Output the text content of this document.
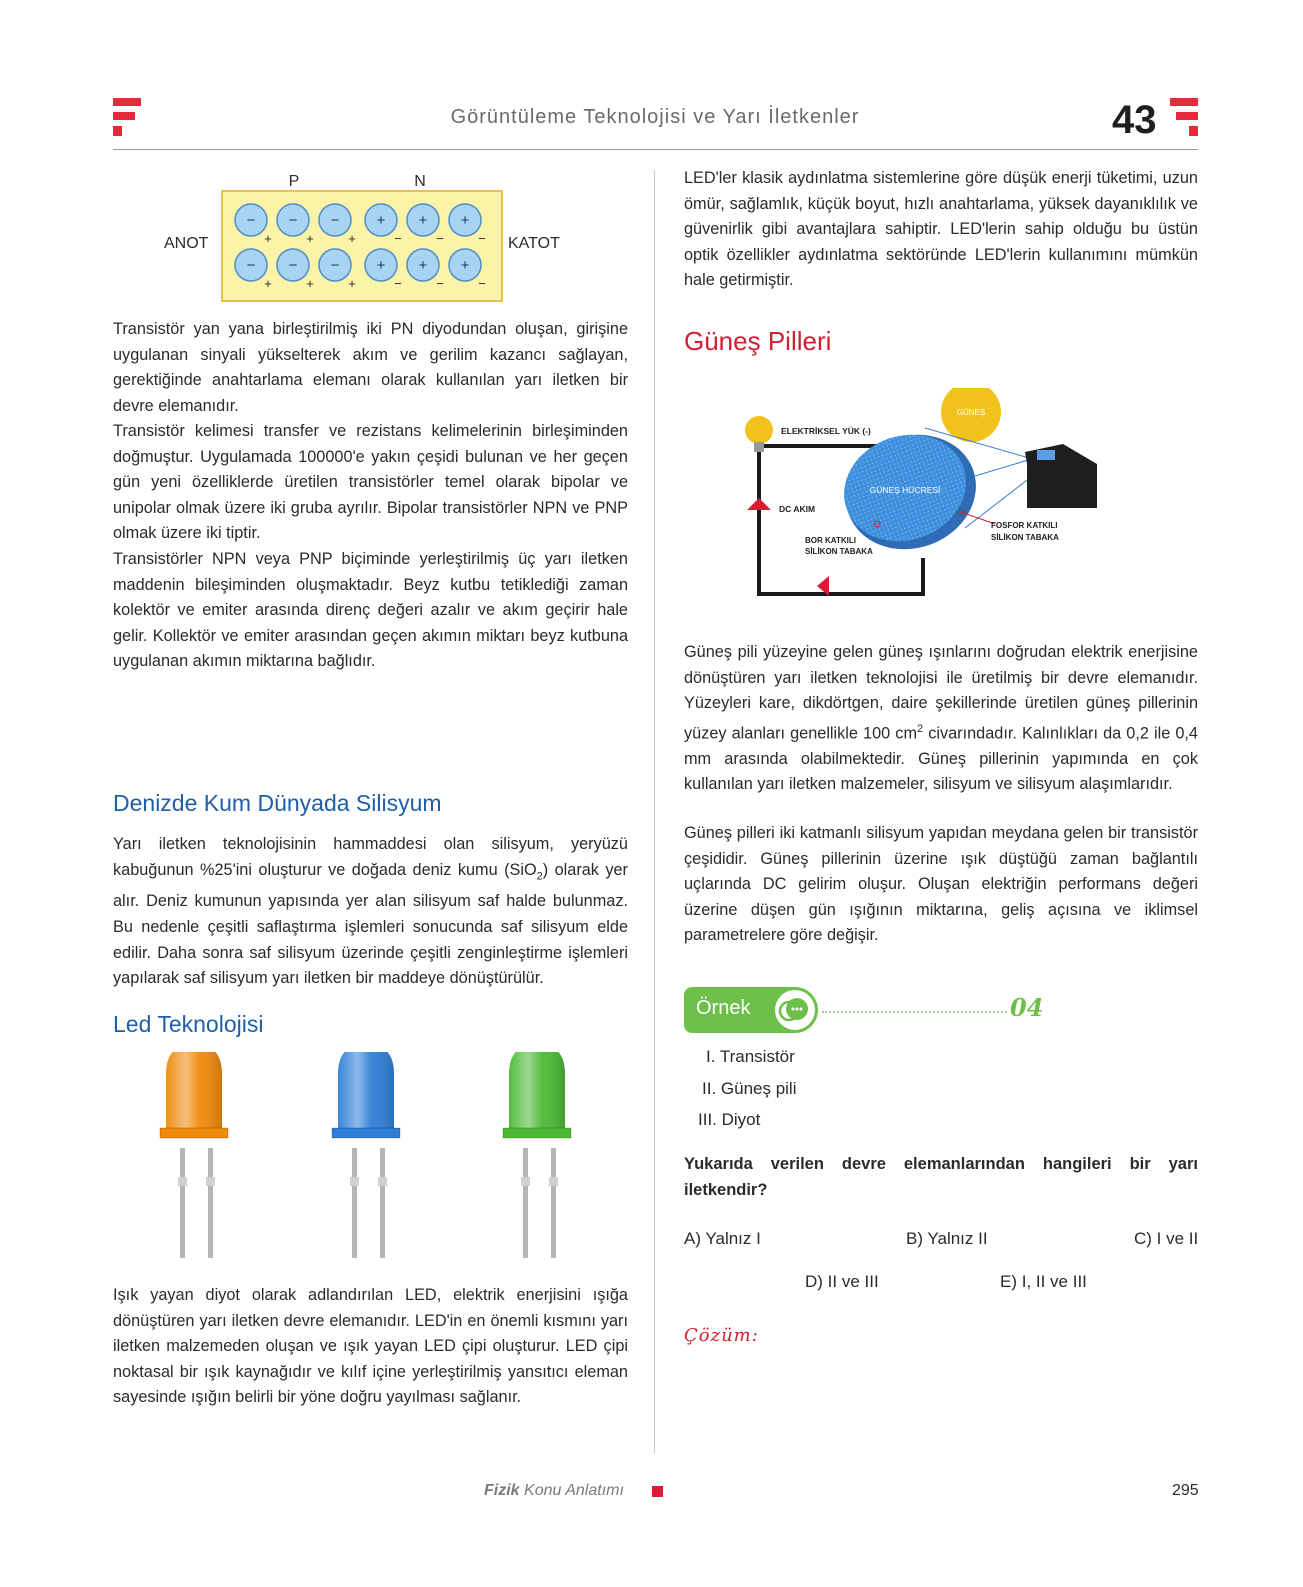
Görüntüleme Teknolojisi ve Yarı İletkenler	43
P	N
ANOT	KATOT
−
+
−
+
−
+
−
+
−
+
−
+
+
−
+
−
+
−
+
−
+
−
+
−

Transistör yan yana birleştirilmiş iki PN diyodundan oluşan, girişine uygulanan sinyali yükselterek akım ve gerilim kazancı sağlayan, gerektiğinde anahtarlama elemanı olarak kullanılan yarı iletken bir devre elemanıdır.

Transistör kelimesi transfer ve rezistans kelimelerinin birleşiminden doğmuştur. Uygulamada 100000'e yakın çeşidi bulunan ve her geçen gün yeni özelliklerde üretilen transistörler temel olarak bipolar ve unipolar olmak üzere iki gruba ayrılır. Bipolar transistörler NPN ve PNP olmak üzere iki tiptir.

Transistörler NPN veya PNP biçiminde yerleştirilmiş üç yarı iletken maddenin bileşiminden oluşmaktadır. Beyz kutbu tetiklediği zaman kolektör ve emiter arasında direnç değeri azalır ve akım geçirir hale gelir. Kollektör ve emiter arasından geçen akımın miktarı beyz kutbuna uygulanan akımın miktarına bağlıdır.

Denizde Kum Dünyada Silisyum

Yarı iletken teknolojisinin hammaddesi olan silisyum, yeryüzü kabuğunun %25'ini oluşturur ve doğada deniz kumu (SiO$_2$) olarak yer alır. Deniz kumunun yapısında yer alan silisyum saf halde bulunmaz. Bu nedenle çeşitli saflaştırma işlemleri sonucunda saf silisyum elde edilir. Daha sonra saf silisyum üzerinde çeşitli zenginleştirme işlemleri yapılarak saf silisyum yarı iletken bir maddeye dönüştürülür.

Led Teknolojisi

Işık yayan diyot olarak adlandırılan LED, elektrik enerjisini ışığa dönüştüren yarı iletken devre elemanıdır. LED'in en önemli kısmını yarı iletken malzemeden oluşan ve ışık yayan LED çipi oluşturur. LED çipi noktasal bir ışık kaynağıdır ve kılıf içine yerleştirilmiş yansıtıcı eleman sayesinde ışığın belirli bir yöne doğru yayılması sağlanır.

LED'ler klasik aydınlatma sistemlerine göre düşük enerji tüketimi, uzun ömür, sağlamlık, küçük boyut, hızlı anahtarlama, yüksek dayanıklılık ve güvenirlik gibi avantajlara sahiptir. LED'lerin sahip olduğu bu üstün optik özellikler aydınlatma sektöründe LED'lerin kullanımını mümkün hale getirmiştir.

Güneş Pilleri
ELEKTRİKSEL YÜK (-)
DC AKIM
GÜNEŞ
GÜNEŞ HÜCRESİ
BOR KATKILI
SİLİKON TABAKA
FOSFOR KATKILI
SİLİKON TABAKA

Güneş pili yüzeyine gelen güneş ışınlarını doğrudan elektrik enerjisine dönüştüren yarı iletken teknolojisi ile üretilmiş bir devre elemanıdır. Yüzeyleri kare, dikdörtgen, daire şekillerinde üretilen güneş pillerinin yüzey alanları genellikle 100 $cm^2$ civarındadır. Kalınlıkları da 0,2 ile 0,4 mm arasında olabilmektedir. Güneş pillerinin yapımında en çok kullanılan yarı iletken malzemeler, silisyum ve silisyum alaşımlarıdır.

Güneş pilleri iki katmanlı silisyum yapıdan meydana gelen bir transistör çeşididir. Güneş pillerinin üzerine ışık düştüğü zaman bağlantılı uçlarında DC gelirim oluşur. Oluşan elektriğin performans değeri üzerine düşen gün ışığının miktarına, geliş açısına ve iklimsel parametrelere göre değişir.

Örnek	04
I. Transistör
II. Güneş pili
III. Diyot
Yukarıda verilen devre elemanlarından hangileri bir yarı iletkendir?
A) Yalnız I	B) Yalnız II	C) I ve II
D) II ve III	E) I, II ve III
Çözüm:
Fizik Konu Anlatımı	295
